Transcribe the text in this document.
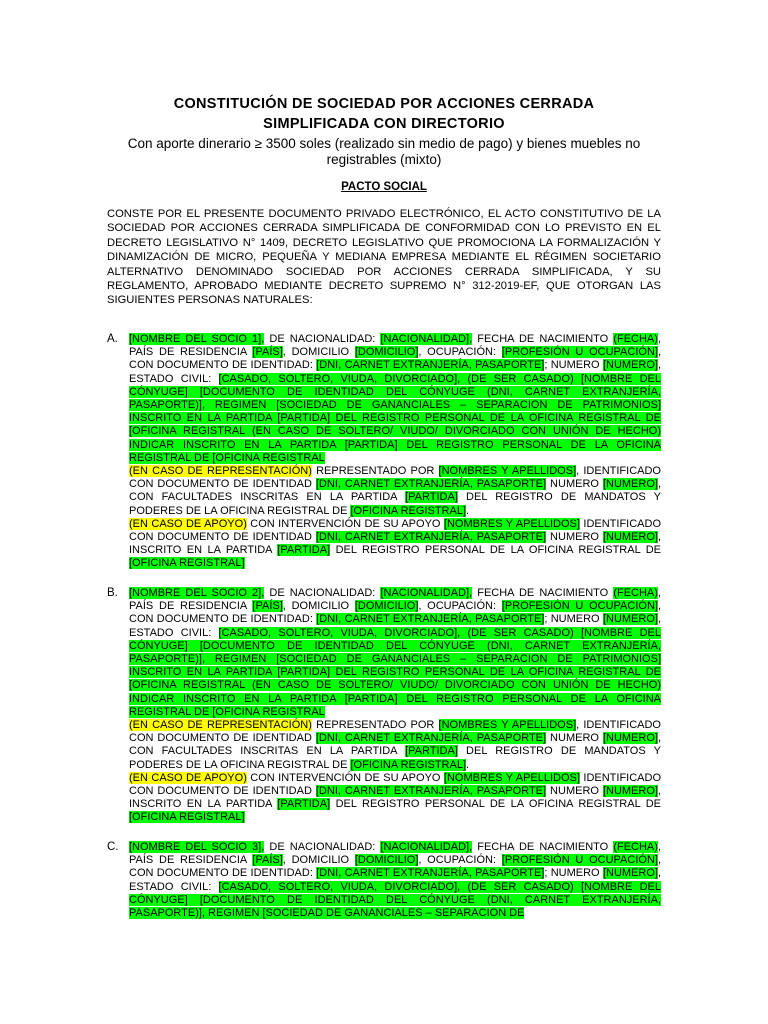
CONSTITUCIÓN DE SOCIEDAD POR ACCIONES CERRADA
SIMPLIFICADA CON DIRECTORIO
Con aporte dinerario ≥ 3500 soles (realizado sin medio de pago) y bienes muebles no
registrables (mixto)
PACTO SOCIAL

CONSTE POR EL PRESENTE DOCUMENTO PRIVADO ELECTRÓNICO, EL ACTO CONSTITUTIVO DE LA SOCIEDAD POR ACCIONES CERRADA SIMPLIFICADA DE CONFORMIDAD CON LO PREVISTO EN EL DECRETO LEGISLATIVO N° 1409, DECRETO LEGISLATIVO QUE PROMOCIONA LA FORMALIZACIÓN Y DINAMIZACIÓN DE MICRO, PEQUEÑA Y MEDIANA EMPRESA MEDIANTE EL RÉGIMEN SOCIETARIO ALTERNATIVO DENOMINADO SOCIEDAD POR ACCIONES CERRADA SIMPLIFICADA, Y SU REGLAMENTO, APROBADO MEDIANTE DECRETO SUPREMO N° 312-2019-EF, QUE OTORGAN LAS SIGUIENTES PERSONAS NATURALES:

A. [NOMBRE DEL SOCIO 1], DE NACIONALIDAD: [NACIONALIDAD], FECHA DE NACIMIENTO (FECHA), PAÍS DE RESIDENCIA [PAÍS], DOMICILIO [DOMICILIO], OCUPACIÓN: [PROFESIÓN U OCUPACIÓN], CON DOCUMENTO DE IDENTIDAD: [DNI, CARNET EXTRANJERÍA, PASAPORTE]; NUMERO [NUMERO], ESTADO CIVIL: [CASADO, SOLTERO, VIUDA, DIVORCIADO], (DE SER CASADO) [NOMBRE DEL CÓNYUGE] [DOCUMENTO DE IDENTIDAD DEL CÓNYUGE (DNI, CARNET EXTRANJERÍA, PASAPORTE)], REGIMEN [SOCIEDAD DE GANANCIALES – SEPARACION DE PATRIMONIOS] INSCRITO EN LA PARTIDA [PARTIDA] DEL REGISTRO PERSONAL DE LA OFICINA REGISTRAL DE [OFICINA REGISTRAL (EN CASO DE SOLTERO/ VIUDO/ DIVORCIADO CON UNIÓN DE HECHO) INDICAR INSCRITO EN LA PARTIDA [PARTIDA] DEL REGISTRO PERSONAL DE LA OFICINA REGISTRAL DE [OFICINA REGISTRAL

(EN CASO DE REPRESENTACIÓN) REPRESENTADO POR [NOMBRES Y APELLIDOS], IDENTIFICADO CON DOCUMENTO DE IDENTIDAD [DNI, CARNET EXTRANJERÍA, PASAPORTE] NUMERO [NUMERO], CON FACULTADES INSCRITAS EN LA PARTIDA [PARTIDA] DEL REGISTRO DE MANDATOS Y PODERES DE LA OFICINA REGISTRAL DE [OFICINA REGISTRAL].

(EN CASO DE APOYO) CON INTERVENCIÓN DE SU APOYO [NOMBRES Y APELLIDOS] IDENTIFICADO CON DOCUMENTO DE IDENTIDAD [DNI, CARNET EXTRANJERÍA, PASAPORTE] NUMERO [NUMERO], INSCRITO EN LA PARTIDA [PARTIDA] DEL REGISTRO PERSONAL DE LA OFICINA REGISTRAL DE [OFICINA REGISTRAL]

B. [NOMBRE DEL SOCIO 2], DE NACIONALIDAD: [NACIONALIDAD], FECHA DE NACIMIENTO (FECHA), PAÍS DE RESIDENCIA [PAÍS], DOMICILIO [DOMICILIO], OCUPACIÓN: [PROFESIÓN U OCUPACIÓN], CON DOCUMENTO DE IDENTIDAD: [DNI, CARNET EXTRANJERÍA, PASAPORTE]; NUMERO [NUMERO], ESTADO CIVIL: [CASADO, SOLTERO, VIUDA, DIVORCIADO], (DE SER CASADO) [NOMBRE DEL CÓNYUGE] [DOCUMENTO DE IDENTIDAD DEL CÓNYUGE (DNI, CARNET EXTRANJERÍA, PASAPORTE)], REGIMEN [SOCIEDAD DE GANANCIALES – SEPARACION DE PATRIMONIOS] INSCRITO EN LA PARTIDA [PARTIDA] DEL REGISTRO PERSONAL DE LA OFICINA REGISTRAL DE [OFICINA REGISTRAL (EN CASO DE SOLTERO/ VIUDO/ DIVORCIADO CON UNIÓN DE HECHO) INDICAR INSCRITO EN LA PARTIDA [PARTIDA] DEL REGISTRO PERSONAL DE LA OFICINA REGISTRAL DE [OFICINA REGISTRAL

(EN CASO DE REPRESENTACIÓN) REPRESENTADO POR [NOMBRES Y APELLIDOS], IDENTIFICADO CON DOCUMENTO DE IDENTIDAD [DNI, CARNET EXTRANJERÍA, PASAPORTE] NUMERO [NUMERO], CON FACULTADES INSCRITAS EN LA PARTIDA [PARTIDA] DEL REGISTRO DE MANDATOS Y PODERES DE LA OFICINA REGISTRAL DE [OFICINA REGISTRAL].

(EN CASO DE APOYO) CON INTERVENCIÓN DE SU APOYO [NOMBRES Y APELLIDOS] IDENTIFICADO CON DOCUMENTO DE IDENTIDAD [DNI, CARNET EXTRANJERÍA, PASAPORTE] NUMERO [NUMERO], INSCRITO EN LA PARTIDA [PARTIDA] DEL REGISTRO PERSONAL DE LA OFICINA REGISTRAL DE [OFICINA REGISTRAL]

C. [NOMBRE DEL SOCIO 3], DE NACIONALIDAD: [NACIONALIDAD], FECHA DE NACIMIENTO (FECHA), PAÍS DE RESIDENCIA [PAÍS], DOMICILIO [DOMICILIO], OCUPACIÓN: [PROFESIÓN U OCUPACIÓN], CON DOCUMENTO DE IDENTIDAD: [DNI, CARNET EXTRANJERÍA, PASAPORTE]; NUMERO [NUMERO], ESTADO CIVIL: [CASADO, SOLTERO, VIUDA, DIVORCIADO], (DE SER CASADO) [NOMBRE DEL CÓNYUGE] [DOCUMENTO DE IDENTIDAD DEL CÓNYUGE (DNI, CARNET EXTRANJERÍA, PASAPORTE)], REGIMEN [SOCIEDAD DE GANANCIALES – SEPARACION DE
